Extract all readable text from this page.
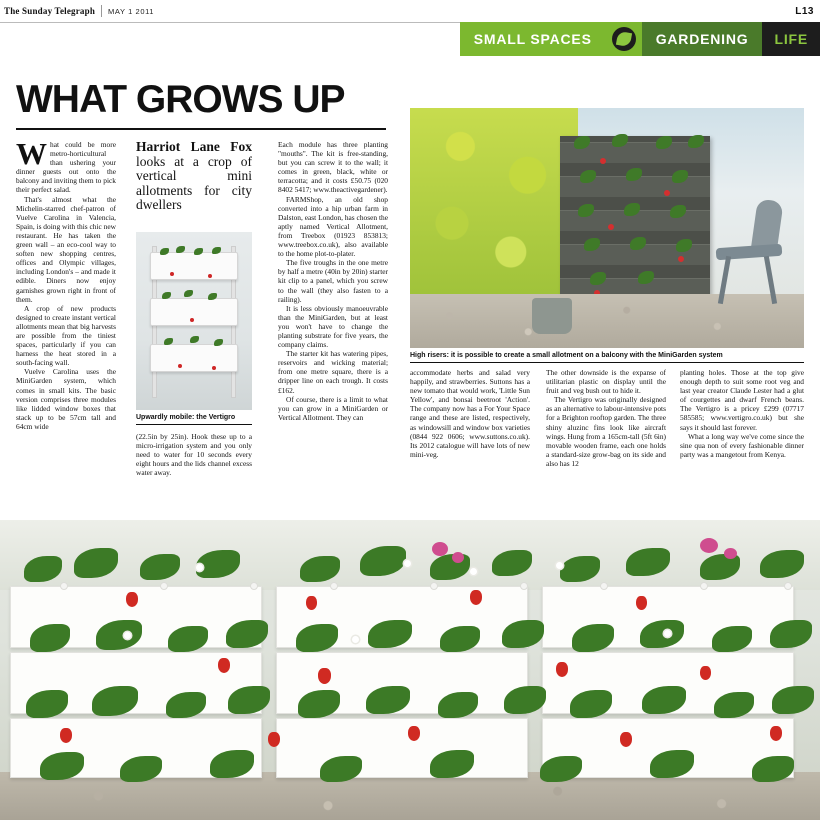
The Sunday Telegraph MAY 1 2011	L13
SMALL SPACES	GARDENING	LIFE
WHAT GROWS UP

What could be more metro-horticultural than ushering your dinner guests out onto the balcony and inviting them to pick their perfect salad.

That's almost what the Michelin-starred chef-patron of Vuelve Carolina in Valencia, Spain, is doing with this chic new restaurant. He has taken the green wall – an eco-cool way to soften new shopping centres, offices and Olympic villages, including London's – and made it edible. Diners now enjoy garnishes grown right in front of them.

A crop of new products designed to create instant vertical allotments mean that big harvests are possible from the tiniest spaces, particularly if you can harness the heat stored in a south-facing wall.

Vuelve Carolina uses the MiniGarden system, which comes in small kits. The basic version comprises three modules like lidded window boxes that stack up to be 57cm tall and 64cm wide

Harriot Lane Fox looks at a crop of vertical mini allotments for city dwellers
Upwardly mobile: the Vertigro

(22.5in by 25in). Hook these up to a micro-irrigation system and you only need to water for 10 seconds every eight hours and the lids channel excess water away.

Each module has three planting "mouths". The kit is free-standing, but you can screw it to the wall; it comes in green, black, white or terracotta; and it costs £50.75 (020 8402 5417; www.theactivegardener).

FARMShop, an old shop converted into a hip urban farm in Dalston, east London, has chosen the aptly named Vertical Allotment, from Treebox (01923 853813; www.treebox.co.uk), also available to the home plot-to-plater.

The five troughs in the one metre by half a metre (40in by 20in) starter kit clip to a panel, which you screw to the wall (they also fasten to a railing).

It is less obviously manoeuvrable than the MiniGarden, but at least you won't have to change the planting substrate for five years, the company claims.

The starter kit has watering pipes, reservoirs and wicking material; from one metre square, there is a dripper line on each trough. It costs £162.

Of course, there is a limit to what you can grow in a MiniGarden or Vertical Allotment. They can

High risers: it is possible to create a small allotment on a balcony with the MiniGarden system

accommodate herbs and salad very happily, and strawberries. Suttons has a new tomato that would work, 'Little Sun Yellow', and bonsai beetroot 'Action'. The company now has a For Your Space range and these are listed, respectively, as windowsill and window box varieties (0844 922 0606; www.suttons.co.uk). Its 2012 catalogue will have lots of new mini-veg.

The other downside is the expanse of utilitarian plastic on display until the fruit and veg bush out to hide it.

The Vertigro was originally designed as an alternative to labour-intensive pots for a Brighton rooftop garden. The three shiny aluzinc fins look like aircraft wings. Hung from a 165cm-tall (5ft 6in) movable wooden frame, each one holds a standard-size grow-bag on its side and also has 12

planting holes. Those at the top give enough depth to suit some root veg and last year creator Claude Lester had a glut of courgettes and dwarf French beans. The Vertigro is a pricey £299 (07717 585585; www.vertigro.co.uk) but she says it should last forever.

What a long way we've come since the sine qua non of every fashionable dinner party was a mangetout from Kenya.
